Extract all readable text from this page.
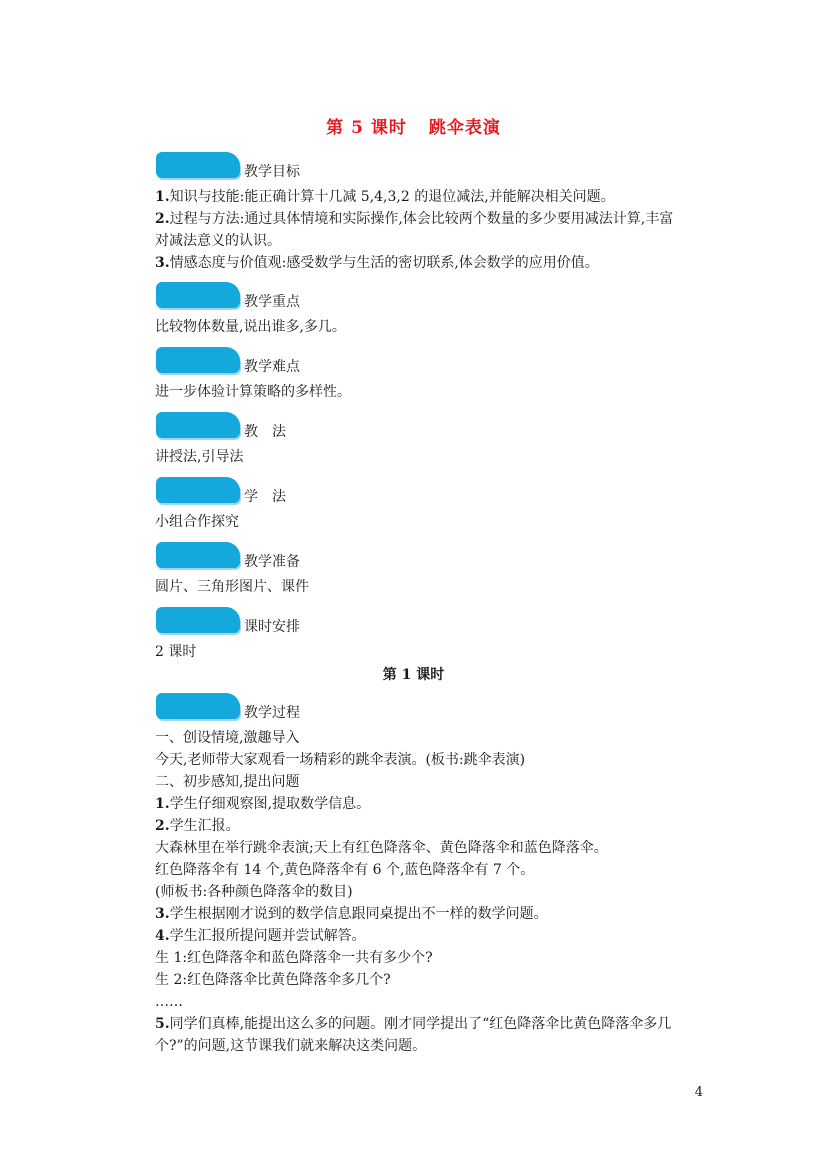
第 5 课时 跳伞表演
教学目标
1.知识与技能:能正确计算十几减 5,4,3,2 的退位减法,并能解决相关问题。
2.过程与方法:通过具体情境和实际操作,体会比较两个数量的多少要用减法计算,丰富
对减法意义的认识。
3.情感态度与价值观:感受数学与生活的密切联系,体会数学的应用价值。
教学重点
比较物体数量,说出谁多,多几。
教学难点
进一步体验计算策略的多样性。
教　法
讲授法,引导法
学　法
小组合作探究
教学准备
圆片、三角形图片、课件
课时安排
2 课时
第 1 课时
教学过程
一、创设情境,激趣导入
今天,老师带大家观看一场精彩的跳伞表演。(板书:跳伞表演)
二、初步感知,提出问题
1.学生仔细观察图,提取数学信息。
2.学生汇报。
大森林里在举行跳伞表演;天上有红色降落伞、黄色降落伞和蓝色降落伞。
红色降落伞有 14 个,黄色降落伞有 6 个,蓝色降落伞有 7 个。
(师板书:各种颜色降落伞的数目)
3.学生根据刚才说到的数学信息跟同桌提出不一样的数学问题。
4.学生汇报所提问题并尝试解答。
生 1:红色降落伞和蓝色降落伞一共有多少个?
生 2:红色降落伞比黄色降落伞多几个?
……
5.同学们真棒,能提出这么多的问题。刚才同学提出了“红色降落伞比黄色降落伞多几
个?”的问题,这节课我们就来解决这类问题。
4
